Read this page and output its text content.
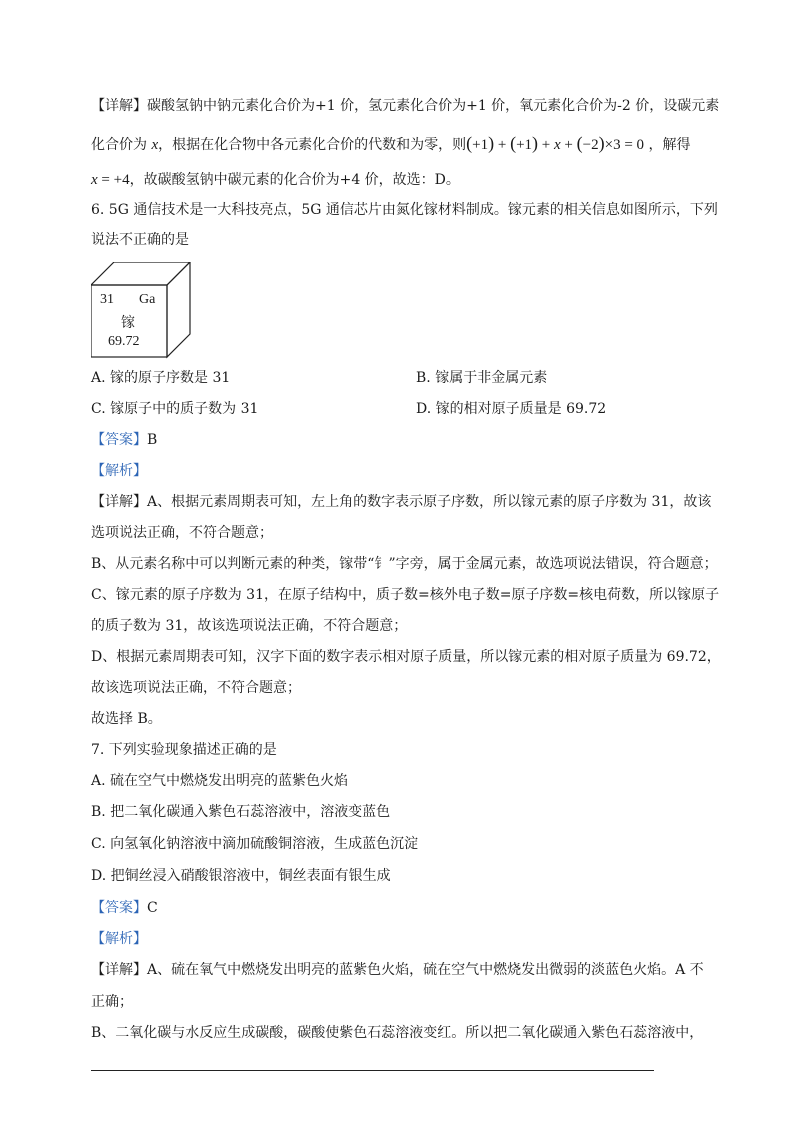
【详解】碳酸氢钠中钠元素化合价为+1 价，氢元素化合价为+1 价，氧元素化合价为-2 价，设碳元素
化合价为 x，根据在化合物中各元素化合价的代数和为零，则(+1) + (+1) + x + (−2)×3 = 0 ，解得
x = +4，故碳酸氢钠中碳元素的化合价为+4 价，故选：D。
6. 5G 通信技术是一大科技亮点，5G 通信芯片由氮化镓材料制成。镓元素的相关信息如图所示，下列
说法不正确的是
31 Ga
镓
69.72
A. 镓的原子序数是 31	B. 镓属于非金属元素
C. 镓原子中的质子数为 31	D. 镓的相对原子质量是 69.72
【答案】B
【解析】
【详解】A、根据元素周期表可知，左上角的数字表示原子序数，所以镓元素的原子序数为 31，故该
选项说法正确，不符合题意；
B、从元素名称中可以判断元素的种类，镓带“钅”字旁，属于金属元素，故选项说法错误，符合题意；
C、镓元素的原子序数为 31，在原子结构中，质子数=核外电子数=原子序数=核电荷数，所以镓原子
的质子数为 31，故该选项说法正确，不符合题意；
D、根据元素周期表可知，汉字下面的数字表示相对原子质量，所以镓元素的相对原子质量为 69.72，
故该选项说法正确，不符合题意；
故选择 B。
7. 下列实验现象描述正确的是
A. 硫在空气中燃烧发出明亮的蓝紫色火焰
B. 把二氧化碳通入紫色石蕊溶液中，溶液变蓝色
C. 向氢氧化钠溶液中滴加硫酸铜溶液，生成蓝色沉淀
D. 把铜丝浸入硝酸银溶液中，铜丝表面有银生成
【答案】C
【解析】
【详解】A、硫在氧气中燃烧发出明亮的蓝紫色火焰，硫在空气中燃烧发出微弱的淡蓝色火焰。A 不
正确；
B、二氧化碳与水反应生成碳酸，碳酸使紫色石蕊溶液变红。所以把二氧化碳通入紫色石蕊溶液中，
